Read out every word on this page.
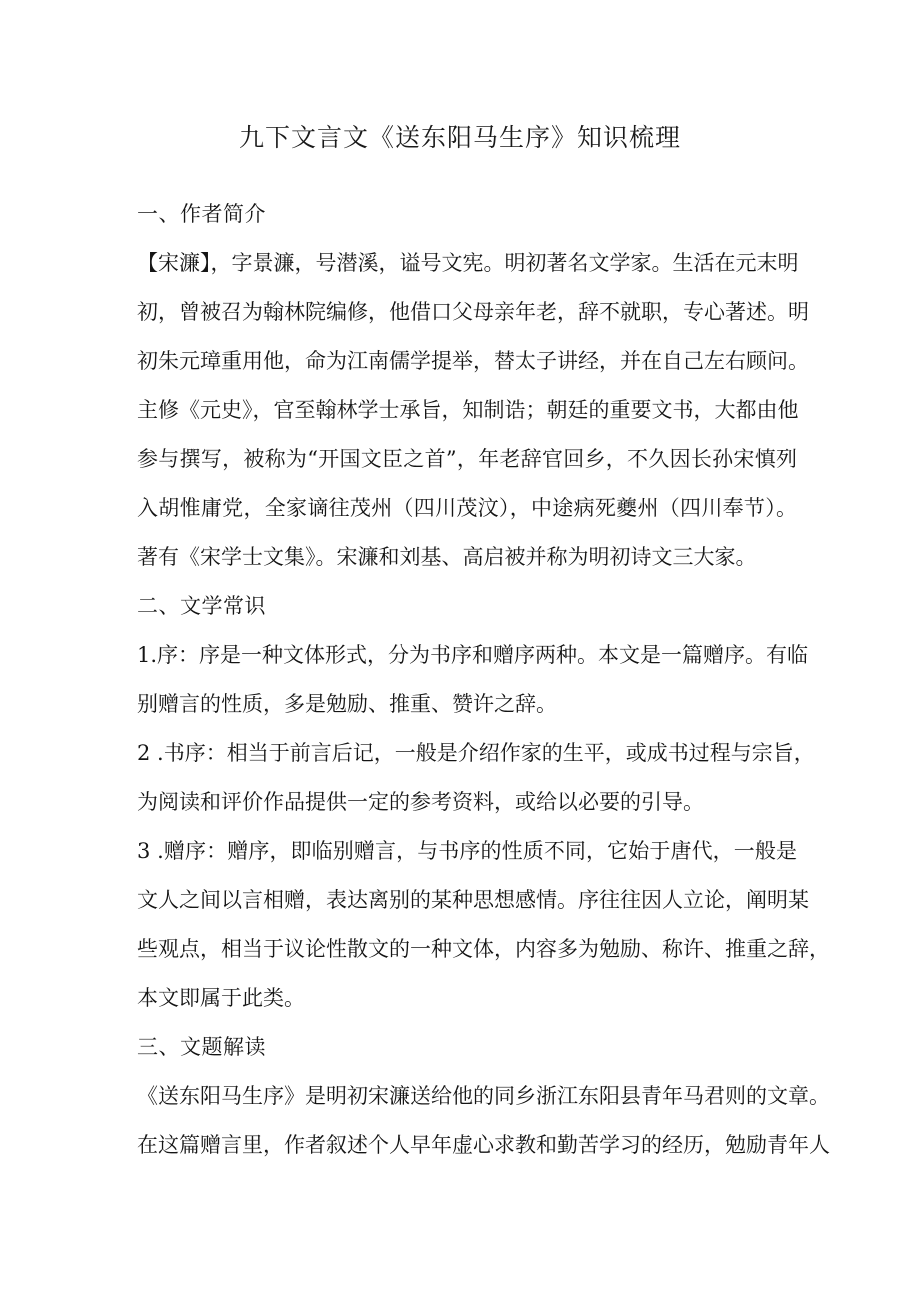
九下文言文《送东阳马生序》知识梳理
一、作者简介
【宋濂】，字景濂，号潜溪，谥号文宪。明初著名文学家。生活在元末明
初，曾被召为翰林院编修，他借口父母亲年老，辞不就职，专心著述。明
初朱元璋重用他，命为江南儒学提举，替太子讲经，并在自己左右顾问。
主修《元史》，官至翰林学士承旨，知制诰；朝廷的重要文书，大都由他
参与撰写，被称为“开国文臣之首”，年老辞官回乡，不久因长孙宋慎列
入胡惟庸党，全家谪往茂州（四川茂汶），中途病死夔州（四川奉节）。
著有《宋学士文集》。宋濂和刘基、高启被并称为明初诗文三大家。
二、文学常识
1.序：序是一种文体形式，分为书序和赠序两种。本文是一篇赠序。有临
别赠言的性质，多是勉励、推重、赞许之辞。
2 .书序：相当于前言后记，一般是介绍作家的生平，或成书过程与宗旨，
为阅读和评价作品提供一定的参考资料，或给以必要的引导。
3 .赠序：赠序，即临别赠言，与书序的性质不同，它始于唐代，一般是
文人之间以言相赠，表达离别的某种思想感情。序往往因人立论，阐明某
些观点，相当于议论性散文的一种文体，内容多为勉励、称许、推重之辞，
本文即属于此类。
三、文题解读
《送东阳马生序》是明初宋濂送给他的同乡浙江东阳县青年马君则的文章。
在这篇赠言里，作者叙述个人早年虚心求教和勤苦学习的经历，勉励青年人
